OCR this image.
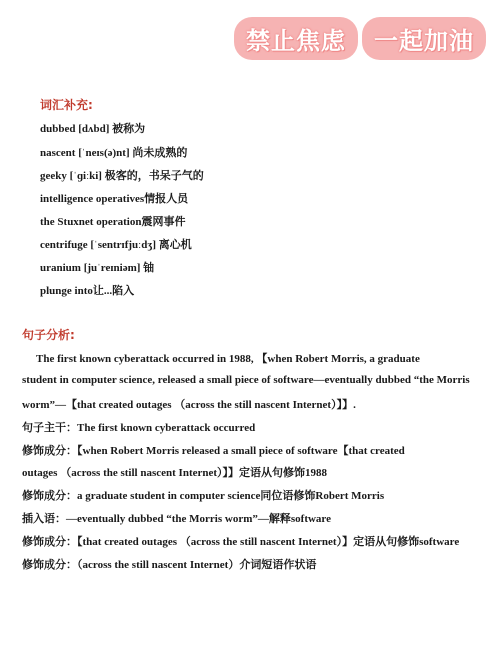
禁止焦虑	一起加油
词汇补充:
dubbed [dʌbd] 被称为
nascent [ˈneɪs(ə)nt] 尚未成熟的
geeky [ˈɡiːki] 极客的，书呆子气的
intelligence operatives情报人员
the Stuxnet operation震网事件
centrifuge [ˈsentrɪfjuːdʒ] 离心机
uranium [juˈreɪniəm] 铀
plunge into让...陷入
句子分析:
The first known cyberattack occurred in 1988, 【when Robert Morris, a graduate
student in computer science, released a small piece of software—eventually dubbed “the Morris
worm”—【that created outages （across the still nascent Internet）】】.
句子主干：The first known cyberattack occurred
修饰成分：【when Robert Morris released a small piece of software【that created
outages （across the still nascent Internet）】】定语从句修饰1988
修饰成分：a graduate student in computer science同位语修饰Robert Morris
插入语：—eventually dubbed “the Morris worm”—解释software
修饰成分：【that created outages （across the still nascent Internet）】定语从句修饰software
修饰成分：（across the still nascent Internet）介词短语作状语
